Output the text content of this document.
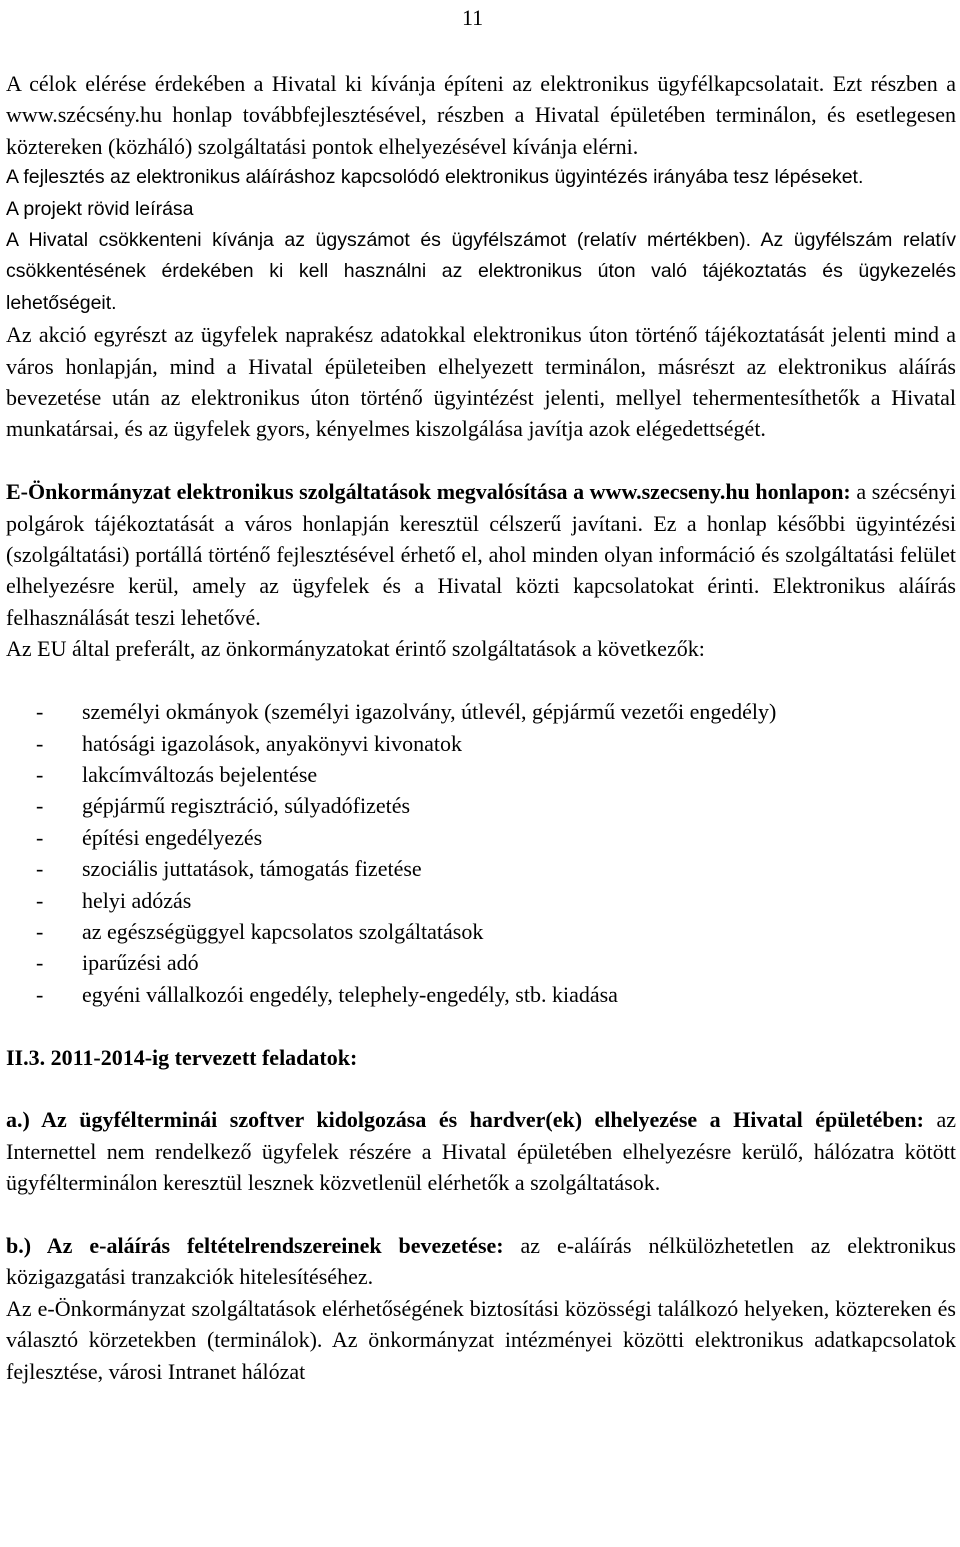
11

A célok elérése érdekében a Hivatal ki kívánja építeni az elektronikus ügyfélkapcsolatait. Ezt részben a www.szécsény.hu honlap továbbfejlesztésével, részben a Hivatal épületében terminálon, és esetlegesen köztereken (közháló) szolgáltatási pontok elhelyezésével kívánja elérni.

A fejlesztés az elektronikus aláíráshoz kapcsolódó elektronikus ügyintézés irányába tesz lépéseket.

A projekt rövid leírása

A Hivatal csökkenteni kívánja az ügyszámot és ügyfélszámot (relatív mértékben). Az ügyfélszám relatív csökkentésének érdekében ki kell használni az elektronikus úton való tájékoztatás és ügykezelés lehetőségeit.

Az akció egyrészt az ügyfelek naprakész adatokkal elektronikus úton történő tájékoztatását jelenti mind a város honlapján, mind a Hivatal épületeiben elhelyezett terminálon, másrészt az elektronikus aláírás bevezetése után az elektronikus úton történő ügyintézést jelenti, mellyel tehermentesíthetők a Hivatal munkatársai, és az ügyfelek gyors, kényelmes kiszolgálása javítja azok elégedettségét.

E-Önkormányzat elektronikus szolgáltatások megvalósítása a www.szecseny.hu honlapon: a szécsényi polgárok tájékoztatását a város honlapján keresztül célszerű javítani. Ez a honlap későbbi ügyintézési (szolgáltatási) portállá történő fejlesztésével érhető el, ahol minden olyan információ és szolgáltatási felület elhelyezésre kerül, amely az ügyfelek és a Hivatal közti kapcsolatokat érinti. Elektronikus aláírás felhasználását teszi lehetővé.

Az EU által preferált, az önkormányzatokat érintő szolgáltatások a következők:

- személyi okmányok (személyi igazolvány, útlevél, gépjármű vezetői engedély)
- hatósági igazolások, anyakönyvi kivonatok
- lakcímváltozás bejelentése
- gépjármű regisztráció, súlyadófizetés
- építési engedélyezés
- szociális juttatások, támogatás fizetése
- helyi adózás
- az egészségüggyel kapcsolatos szolgáltatások
- iparűzési adó
- egyéni vállalkozói engedély, telephely-engedély, stb. kiadása

II.3. 2011-2014-ig tervezett feladatok:

a.) Az ügyfélterminái szoftver kidolgozása és hardver(ek) elhelyezése a Hivatal épületében: az Internettel nem rendelkező ügyfelek részére a Hivatal épületében elhelyezésre kerülő, hálózatra kötött ügyfélterminálon keresztül lesznek közvetlenül elérhetők a szolgáltatások.

b.) Az e-aláírás feltételrendszereinek bevezetése: az e-aláírás nélkülözhetetlen az elektronikus közigazgatási tranzakciók hitelesítéséhez.

Az e-Önkormányzat szolgáltatások elérhetőségének biztosítási közösségi találkozó helyeken, köztereken és választó körzetekben (terminálok). Az önkormányzat intézményei közötti elektronikus adatkapcsolatok fejlesztése, városi Intranet hálózat
